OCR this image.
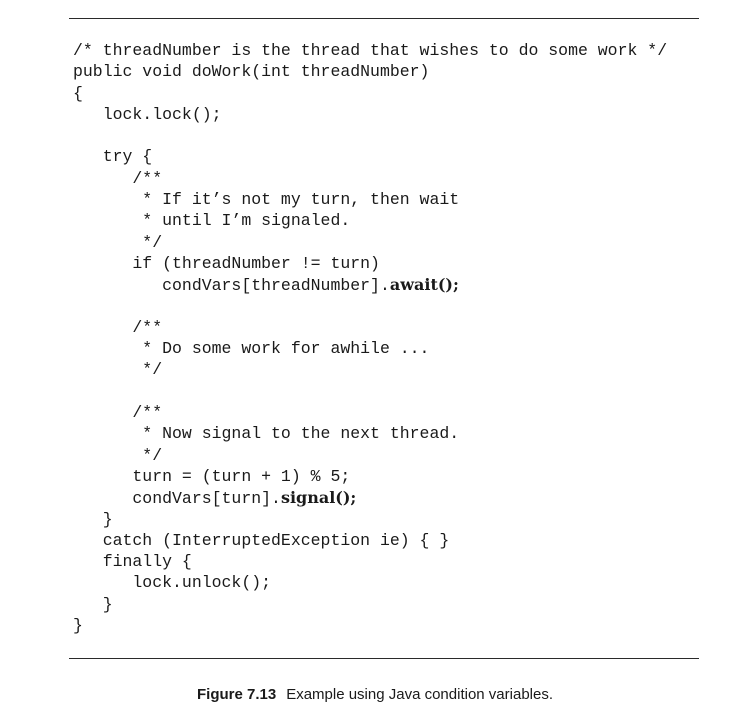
/* threadNumber is the thread that wishes to do some work */
public void doWork(int threadNumber)
{
lock.lock();
try {
/**
* If it’s not my turn, then wait
* until I’m signaled.
*/
if (threadNumber != turn)
condVars[threadNumber].await();
/**
* Do some work for awhile ...
*/
/**
* Now signal to the next thread.
*/
turn = (turn + 1) % 5;
condVars[turn].signal();
}
catch (InterruptedException ie) { }
finally {
lock.unlock();
}
}
Figure 7.13 Example using Java condition variables.
